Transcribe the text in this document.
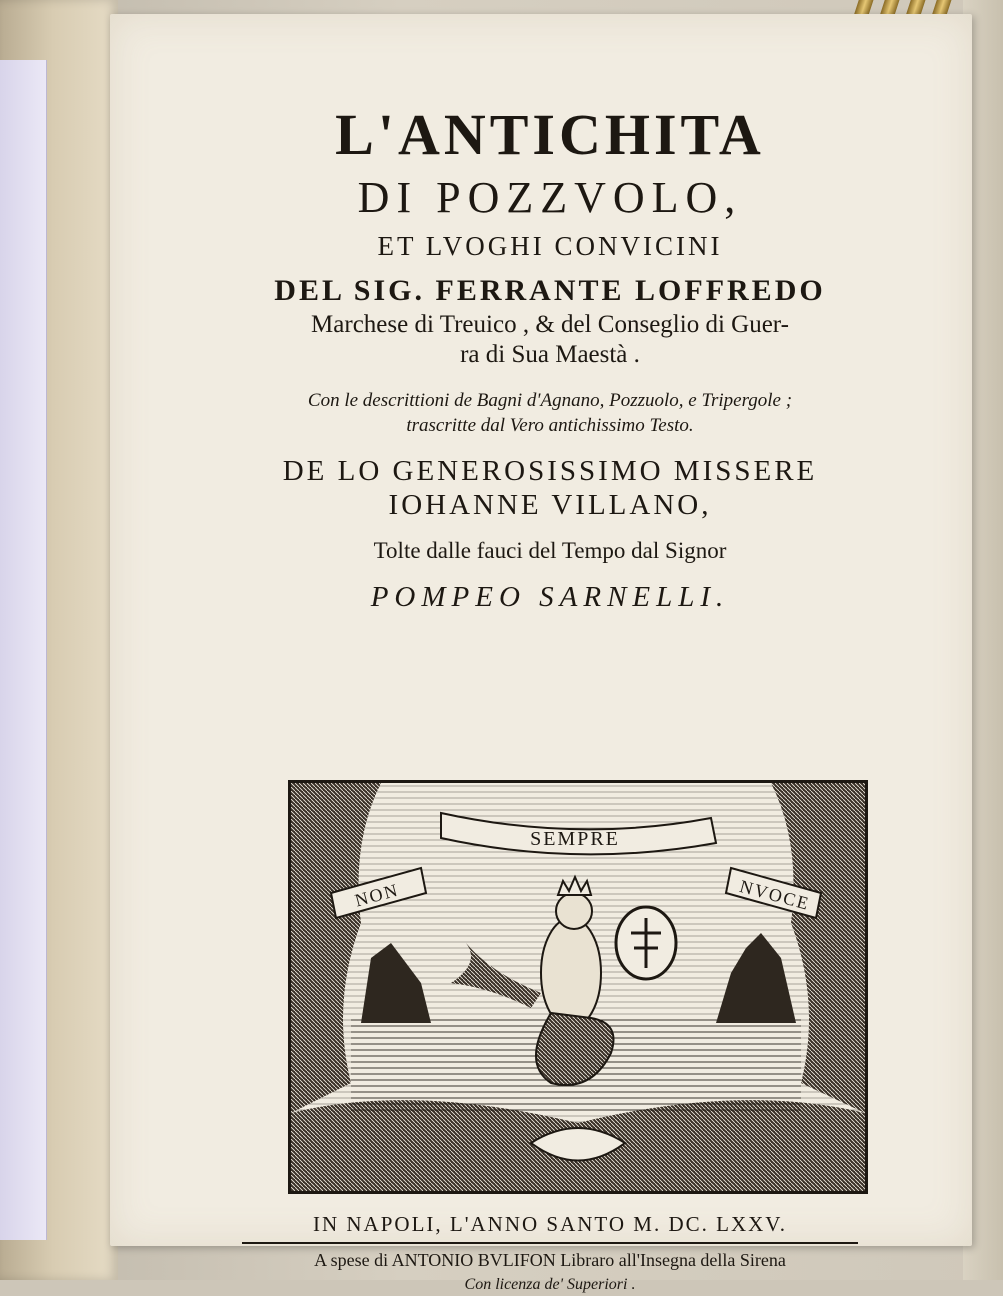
L'ANTICHITA

DI POZZVOLO,

ET LVOGHI CONVICINI

DEL SIG. FERRANTE LOFFREDO

Marchese di Treuico , & del Conseglio di Guer-

ra di Sua Maestà .

Con le descrittioni de Bagni d'Agnano, Pozzuolo, e Tripergole ;

trascritte dal Vero antichissimo Testo.

DE LO GENEROSISSIMO MISSERE

IOHANNE VILLANO,

Tolte dalle fauci del Tempo dal Signor

POMPEO SARNELLI.

SEMPRE
NON	NVOCE

IN NAPOLI, L'ANNO SANTO M. DC. LXXV.

A spese di ANTONIO BVLIFON Libraro all'Insegna della Sirena

Con licenza de' Superiori .
